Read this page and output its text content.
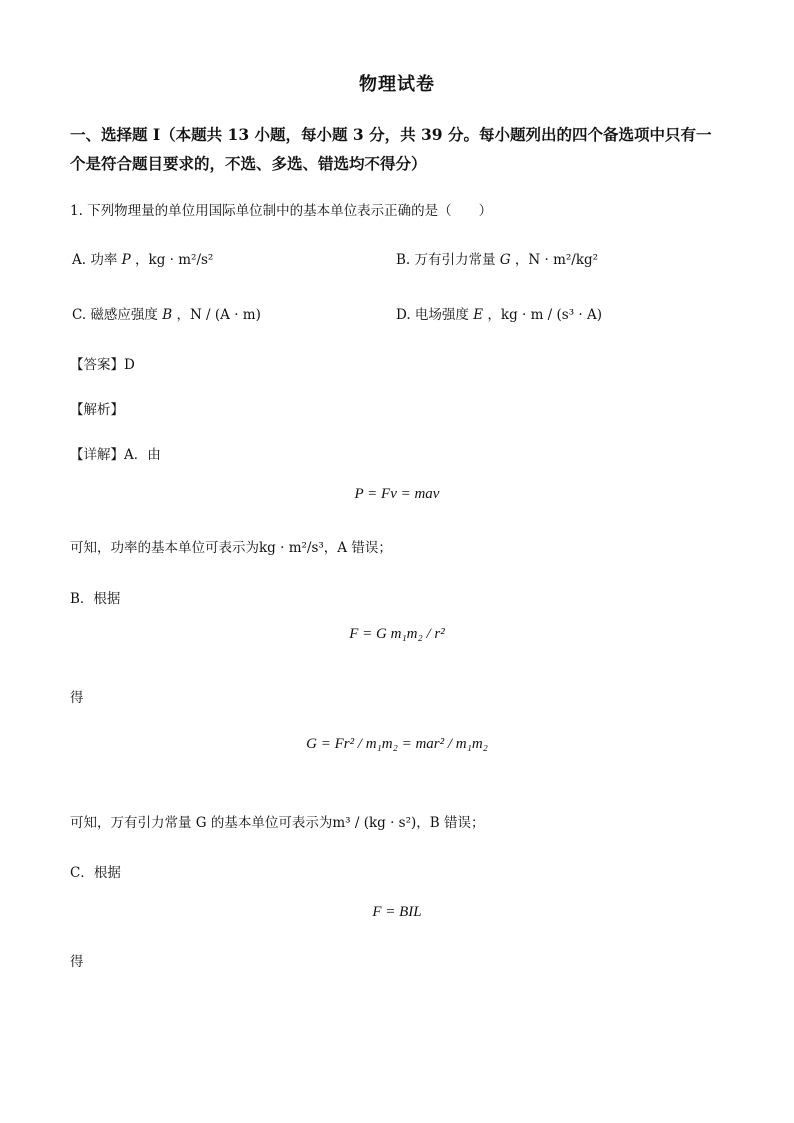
物理试卷
一、选择题 I（本题共 13 小题，每小题 3 分，共 39 分。每小题列出的四个备选项中只有一
个是符合题目要求的，不选、多选、错选均不得分）
1. 下列物理量的单位用国际单位制中的基本单位表示正确的是（　　）
A. 功率 P ，kg · m²/s²	B. 万有引力常量 G ，N · m²/kg²
C. 磁感应强度 B ，N / (A · m)	D. 电场强度 E ，kg · m / (s³ · A)
【答案】D
【解析】
【详解】A．由
P = Fv = mav
可知，功率的基本单位可表示为kg · m²/s³，A 错误；
B．根据
F = G m₁m₂ / r²
得
G = Fr² / m₁m₂ = mar² / m₁m₂
可知，万有引力常量 G 的基本单位可表示为m³ / (kg · s²)，B 错误；
C．根据
F = BIL
得
